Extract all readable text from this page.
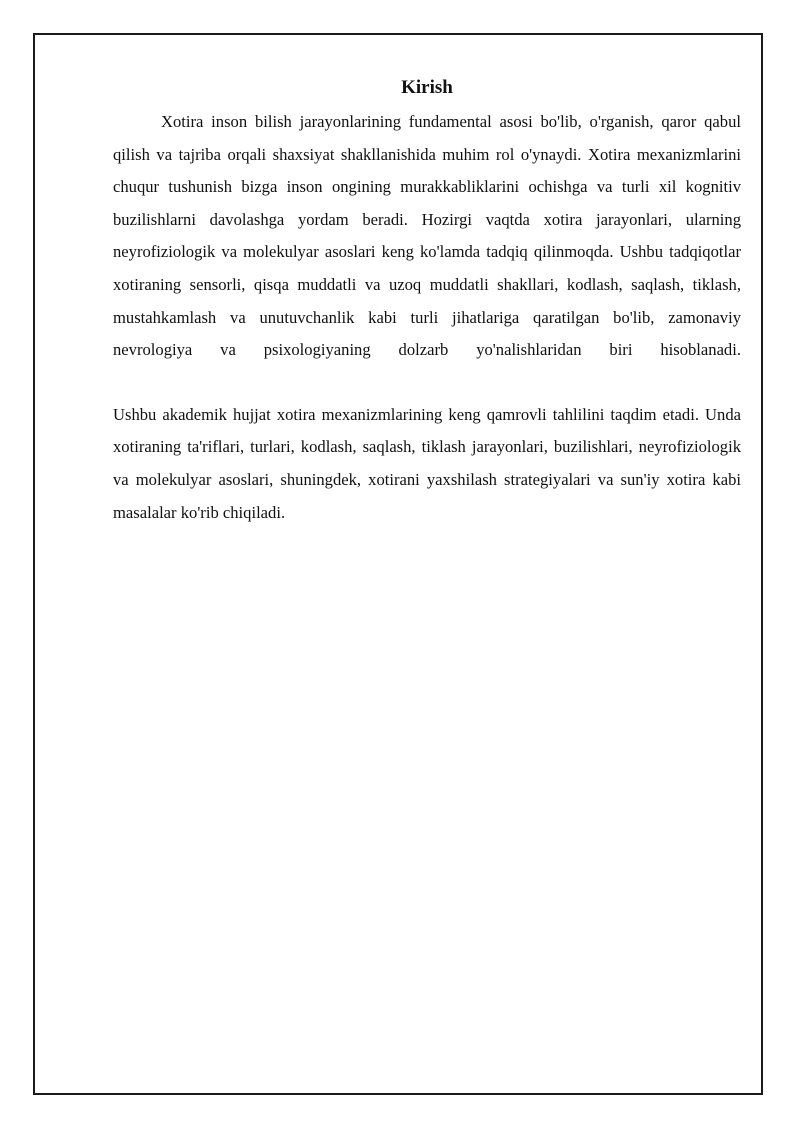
Kirish

Xotira inson bilish jarayonlarining fundamental asosi bo'lib, o'rganish, qaror qabul qilish va tajriba orqali shaxsiyat shakllanishida muhim rol o'ynaydi. Xotira mexanizmlarini chuqur tushunish bizga inson ongining murakkabliklarini ochishga va turli xil kognitiv buzilishlarni davolashga yordam beradi. Hozirgi vaqtda xotira jarayonlari, ularning neyrofiziologik va molekulyar asoslari keng ko'lamda tadqiq qilinmoqda. Ushbu tadqiqotlar xotiraning sensorli, qisqa muddatli va uzoq muddatli shakllari, kodlash, saqlash, tiklash, mustahkamlash va unutuvchanlik kabi turli jihatlariga qaratilgan bo'lib, zamonaviy nevrologiya va psixologiyaning dolzarb yo'nalishlaridan biri hisoblanadi.

Ushbu akademik hujjat xotira mexanizmlarining keng qamrovli tahlilini taqdim etadi. Unda xotiraning ta'riflari, turlari, kodlash, saqlash, tiklash jarayonlari, buzilishlari, neyrofiziologik va molekulyar asoslari, shuningdek, xotirani yaxshilash strategiyalari va sun'iy xotira kabi masalalar ko'rib chiqiladi.
